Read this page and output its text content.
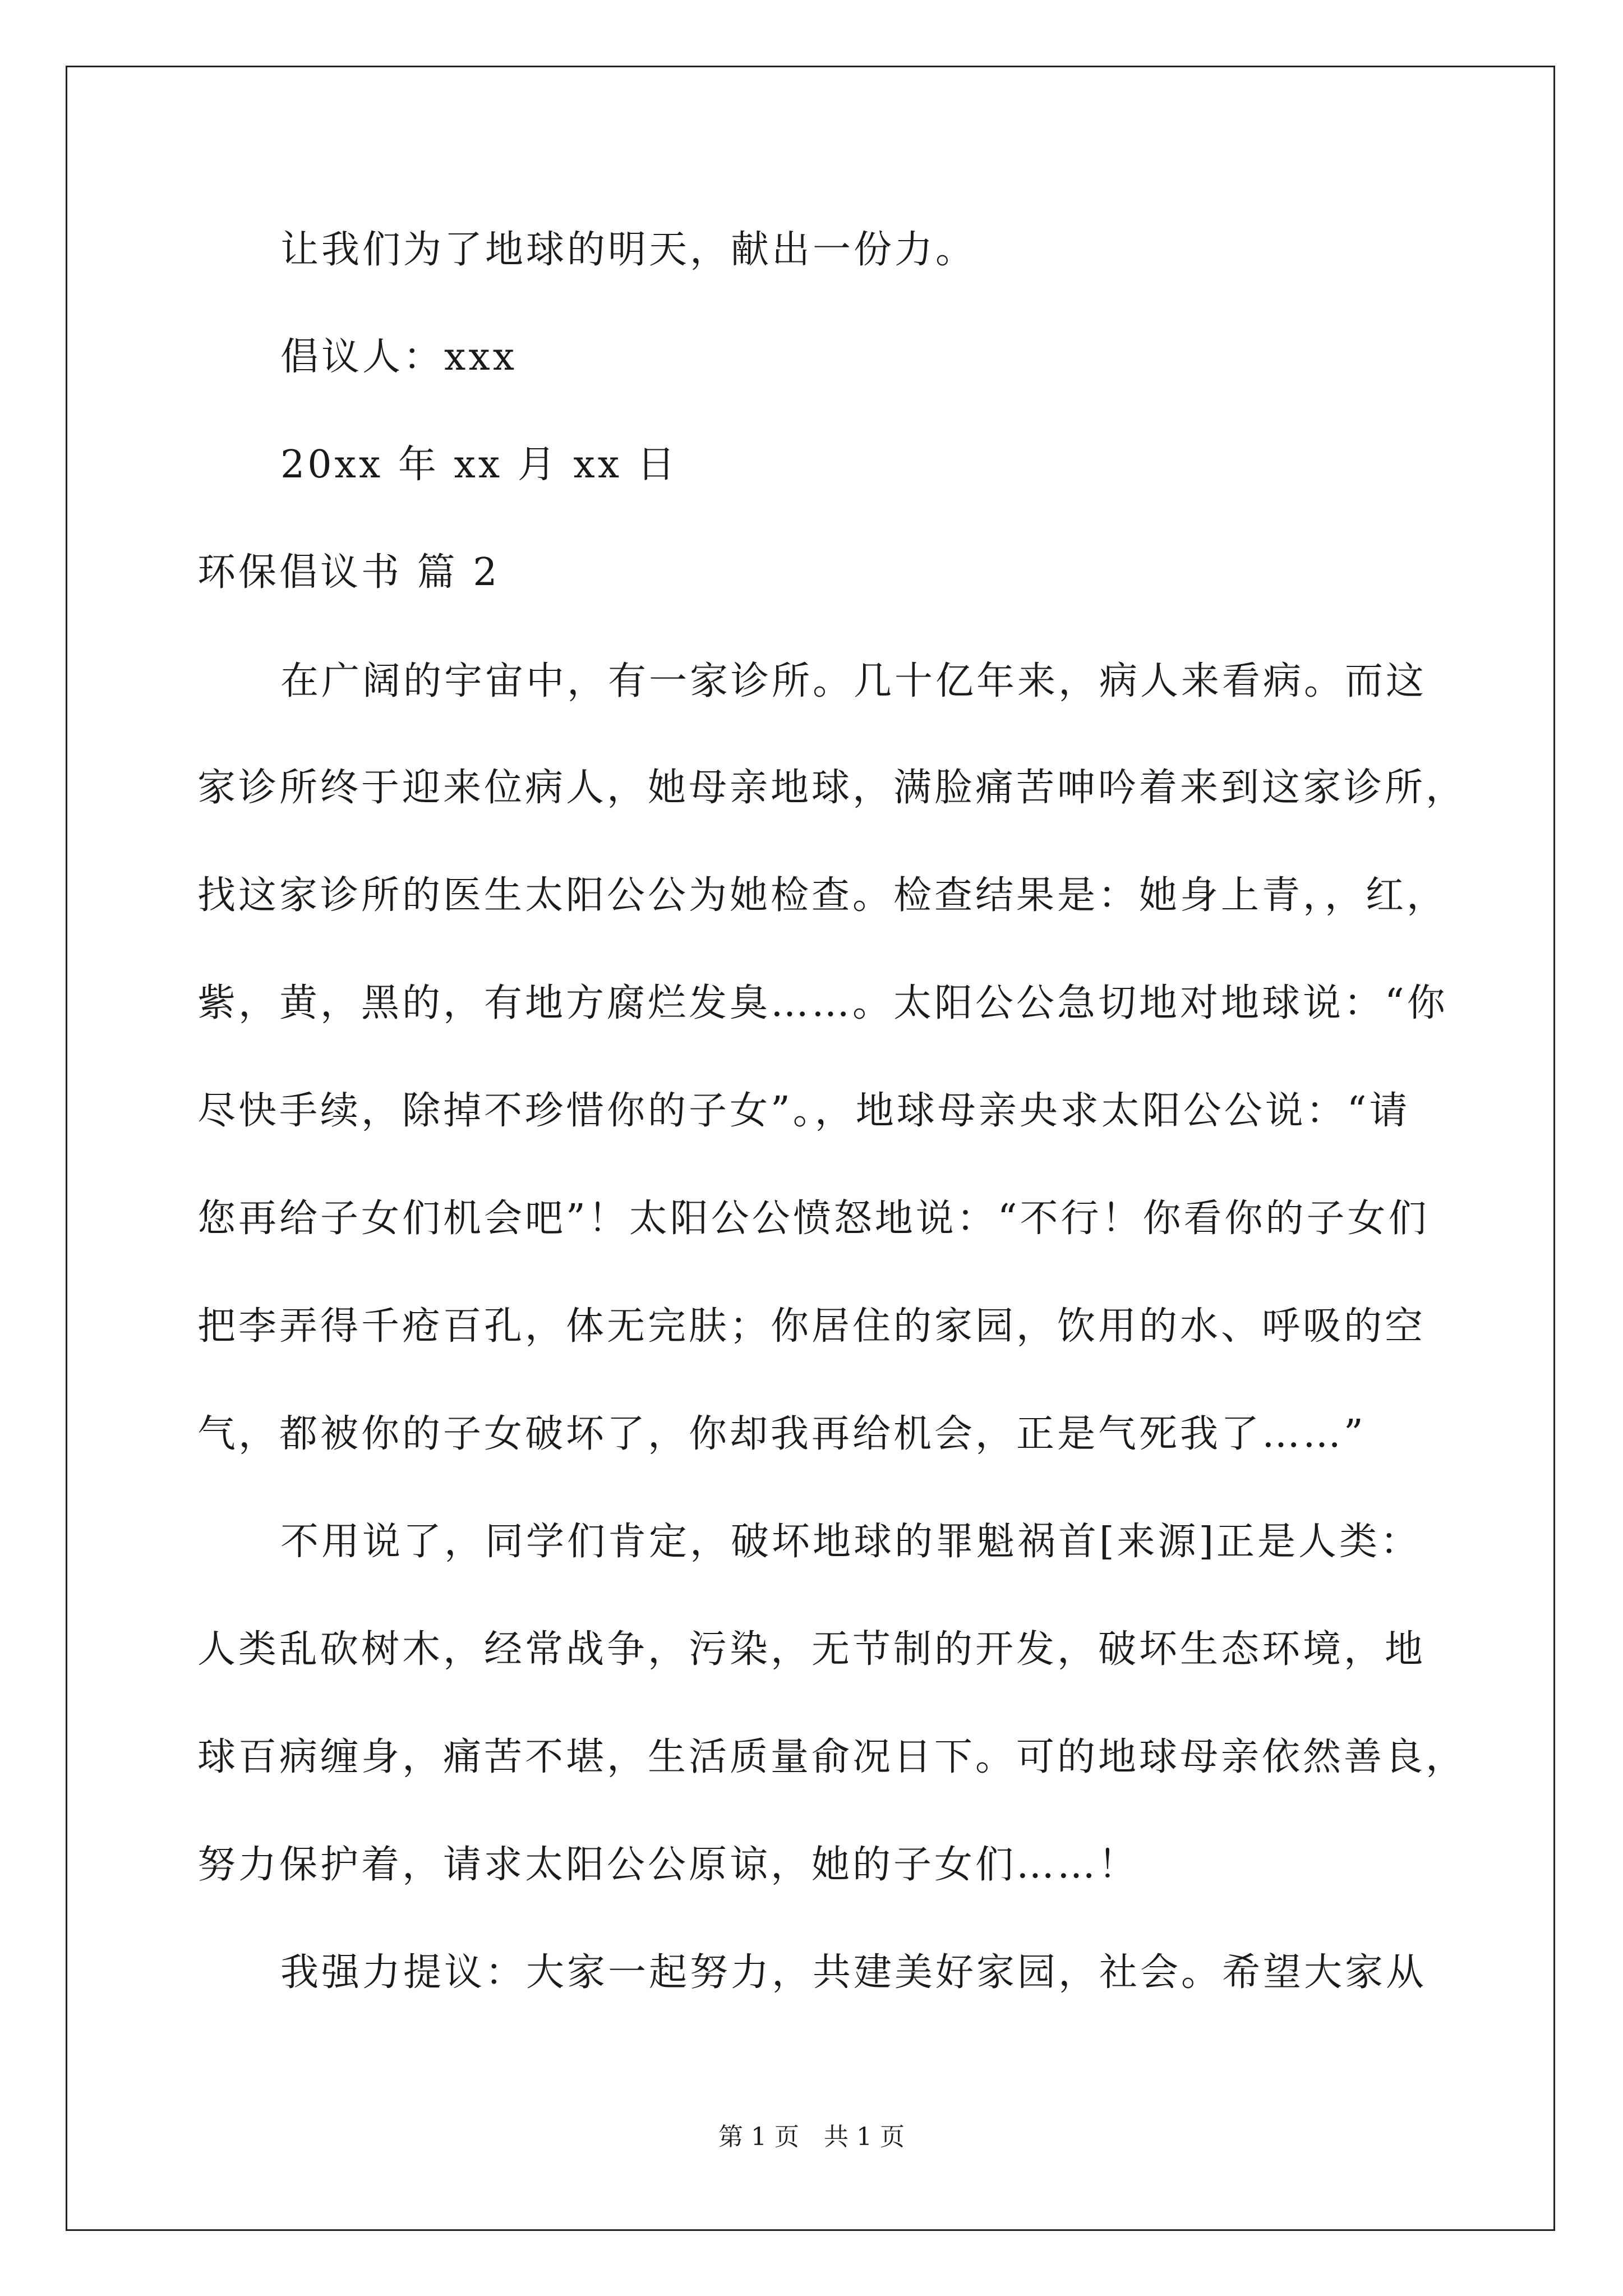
让我们为了地球的明天，献出一份力。
倡议人：xxx
20xx 年 xx 月 xx 日
环保倡议书 篇 2
在广阔的宇宙中，有一家诊所。几十亿年来，病人来看病。而这
家诊所终于迎来位病人，她母亲地球，满脸痛苦呻吟着来到这家诊所，
找这家诊所的医生太阳公公为她检查。检查结果是：她身上青，，红，
紫，黄，黑的，有地方腐烂发臭……。太阳公公急切地对地球说：“你
尽快手续，除掉不珍惜你的子女”。，地球母亲央求太阳公公说：“请
您再给子女们机会吧”！太阳公公愤怒地说：“不行！你看你的子女们
把李弄得千疮百孔，体无完肤；你居住的家园，饮用的水、呼吸的空
气，都被你的子女破坏了，你却我再给机会，正是气死我了……”
不用说了，同学们肯定，破坏地球的罪魁祸首[来源]正是人类：
人类乱砍树木，经常战争，污染，无节制的开发，破坏生态环境，地
球百病缠身，痛苦不堪，生活质量俞况日下。可的地球母亲依然善良，
努力保护着，请求太阳公公原谅，她的子女们……！
我强力提议：大家一起努力，共建美好家园，社会。希望大家从
第 1 页　共 1 页
